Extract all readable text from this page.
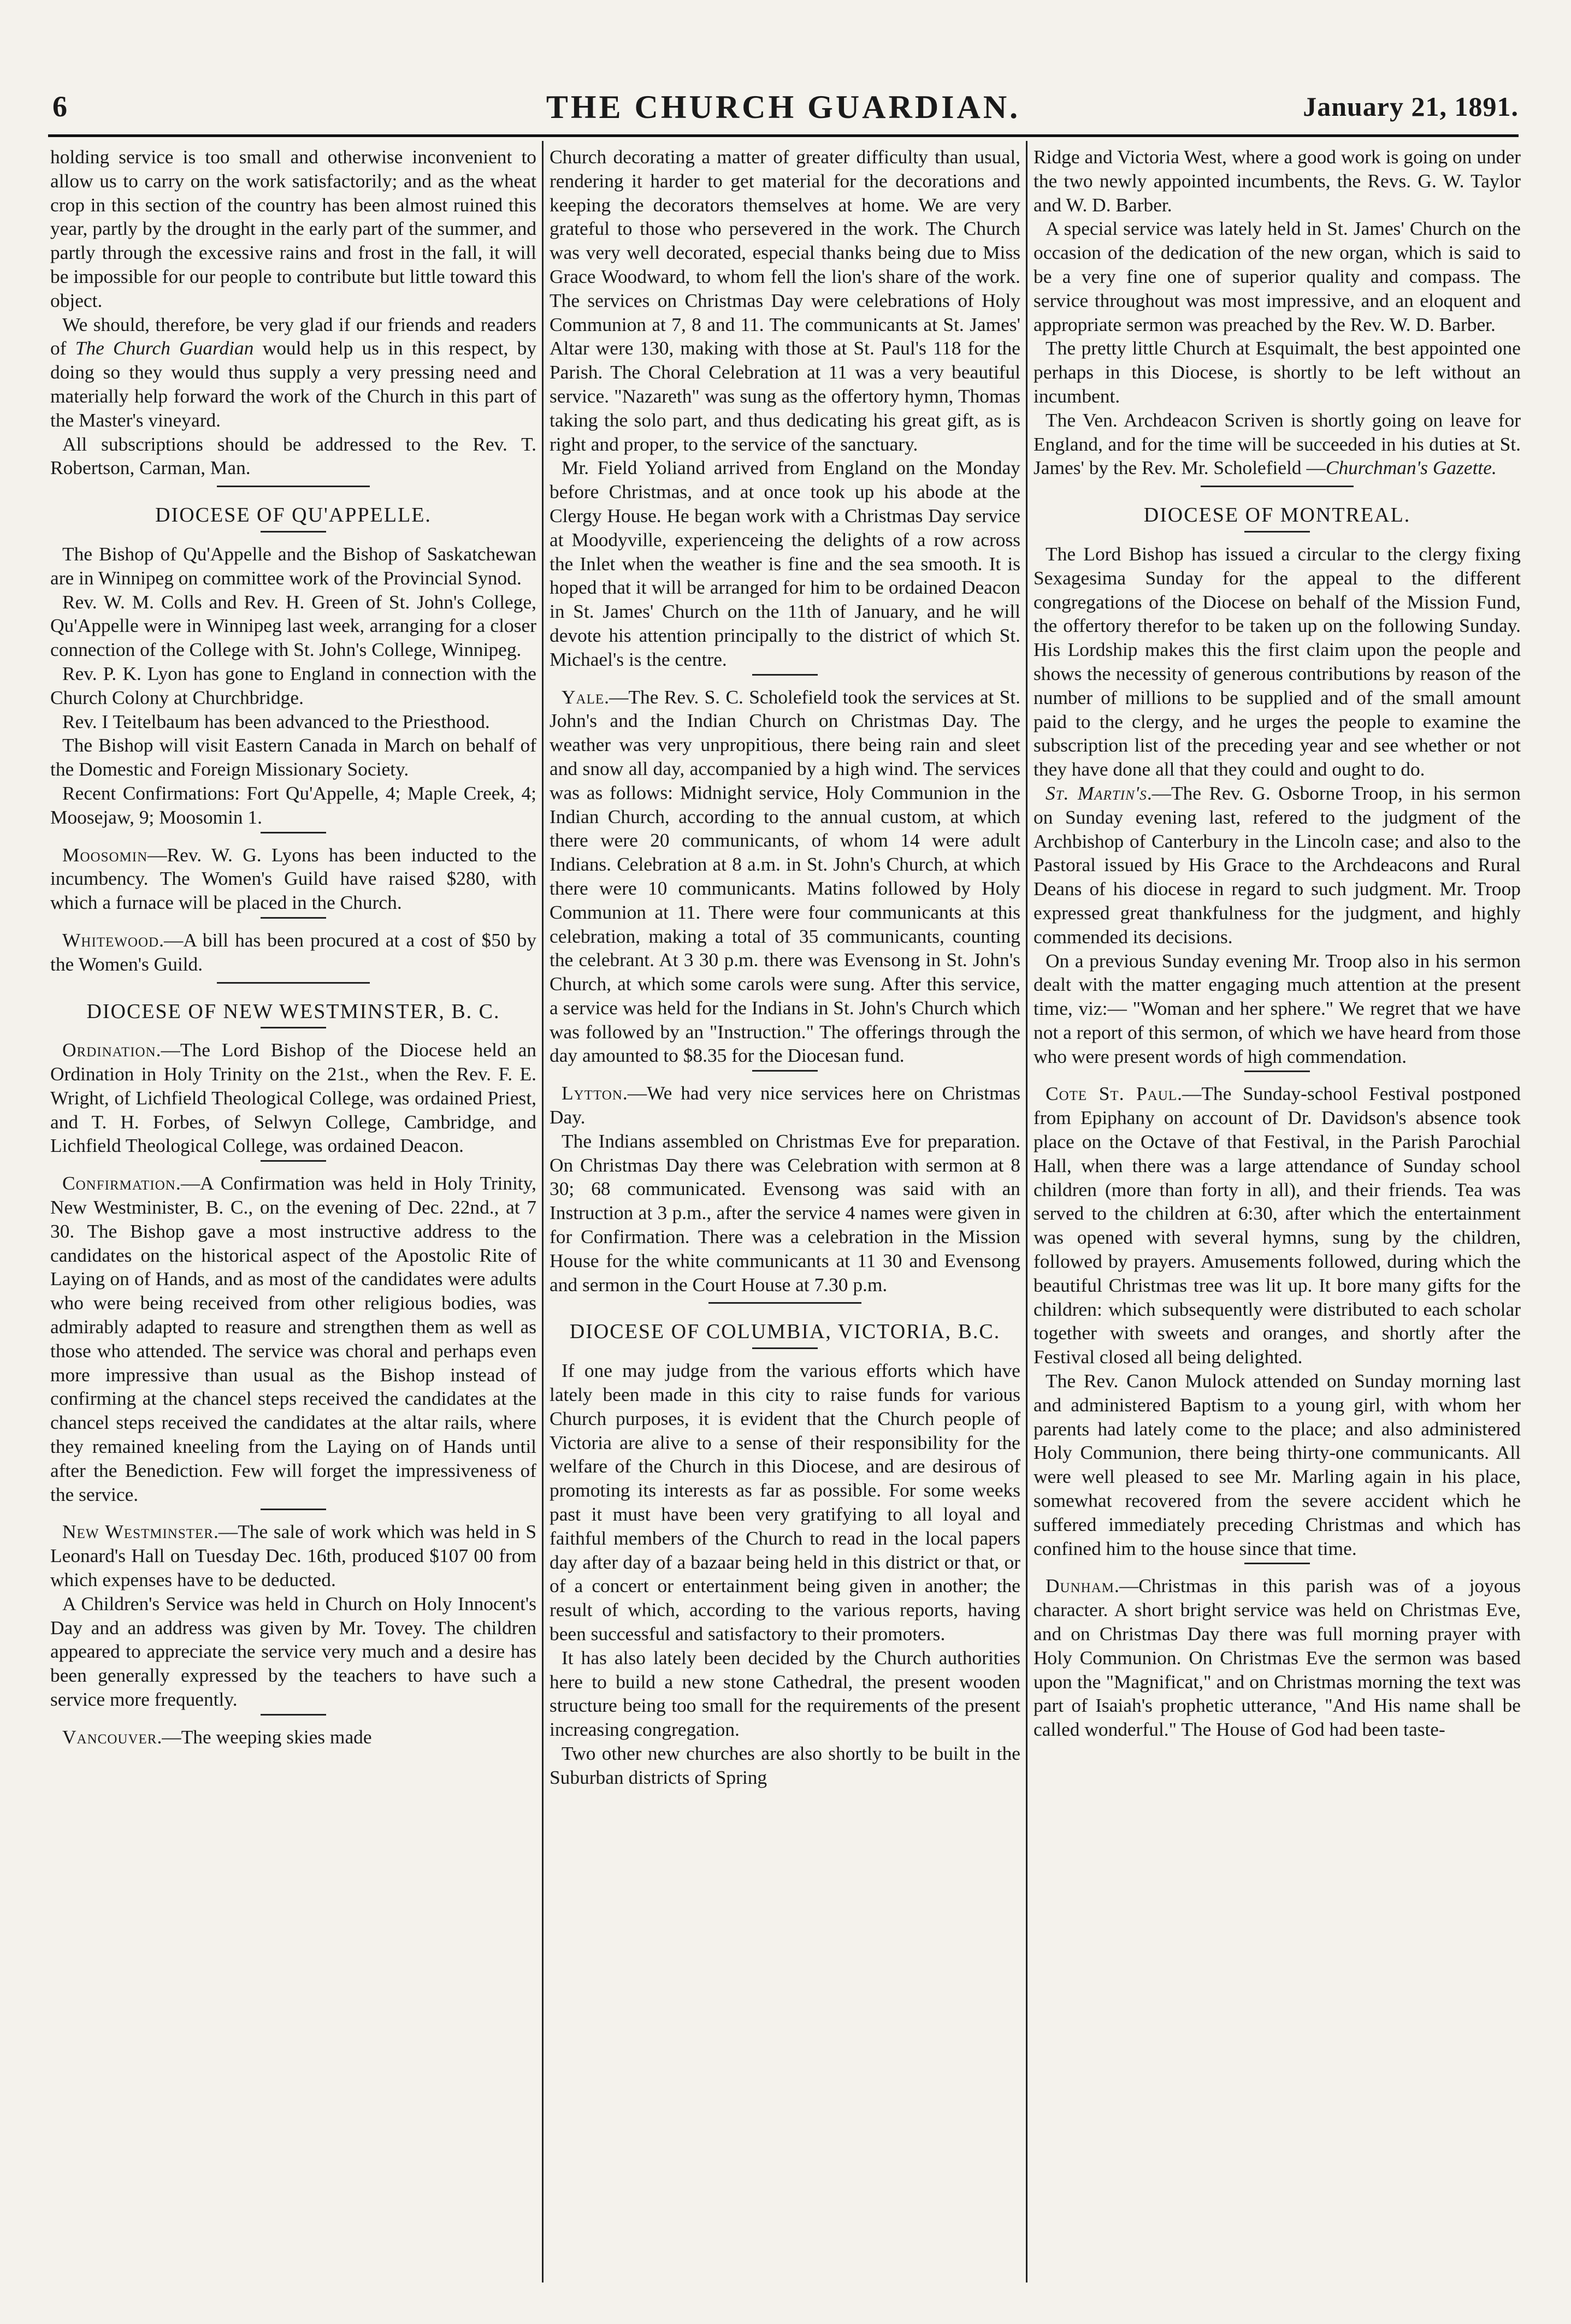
6	THE CHURCH GUARDIAN.	January 21, 1891.

holding service is too small and otherwise inconvenient to allow us to carry on the work satisfactorily; and as the wheat crop in this section of the country has been almost ruined this year, partly by the drought in the early part of the summer, and partly through the excessive rains and frost in the fall, it will be impossible for our people to contribute but little toward this object.

We should, therefore, be very glad if our friends and readers of The Church Guardian would help us in this respect, by doing so they would thus supply a very pressing need and materially help forward the work of the Church in this part of the Master's vineyard.

All subscriptions should be addressed to the Rev. T. Robertson, Carman, Man.

DIOCESE OF QU'APPELLE.

The Bishop of Qu'Appelle and the Bishop of Saskatchewan are in Winnipeg on committee work of the Provincial Synod.

Rev. W. M. Colls and Rev. H. Green of St. John's College, Qu'Appelle were in Winnipeg last week, arranging for a closer connection of the College with St. John's College, Winnipeg.

Rev. P. K. Lyon has gone to England in connection with the Church Colony at Churchbridge.

Rev. I Teitelbaum has been advanced to the Priesthood.

The Bishop will visit Eastern Canada in March on behalf of the Domestic and Foreign Missionary Society.

Recent Confirmations: Fort Qu'Appelle, 4; Maple Creek, 4; Moosejaw, 9; Moosomin 1.

Moosomin—Rev. W. G. Lyons has been inducted to the incumbency. The Women's Guild have raised $280, with which a furnace will be placed in the Church.

Whitewood.—A bill has been procured at a cost of $50 by the Women's Guild.

DIOCESE OF NEW WESTMINSTER, B. C.

Ordination.—The Lord Bishop of the Diocese held an Ordination in Holy Trinity on the 21st., when the Rev. F. E. Wright, of Lichfield Theological College, was ordained Priest, and T. H. Forbes, of Selwyn College, Cambridge, and Lichfield Theological College, was ordained Deacon.

Confirmation.—A Confirmation was held in Holy Trinity, New Westminister, B. C., on the evening of Dec. 22nd., at 7 30. The Bishop gave a most instructive address to the candidates on the historical aspect of the Apostolic Rite of Laying on of Hands, and as most of the candidates were adults who were being received from other religious bodies, was admirably adapted to reasure and strengthen them as well as those who attended. The service was choral and perhaps even more impressive than usual as the Bishop instead of confirming at the chancel steps received the candidates at the chancel steps received the candidates at the altar rails, where they remained kneeling from the Laying on of Hands until after the Benediction. Few will forget the impressiveness of the service.

New Westminster.—The sale of work which was held in S Leonard's Hall on Tuesday Dec. 16th, produced $107 00 from which expenses have to be deducted.

A Children's Service was held in Church on Holy Innocent's Day and an address was given by Mr. Tovey. The children appeared to appreciate the service very much and a desire has been generally expressed by the teachers to have such a service more frequently.

Vancouver.—The weeping skies made

Church decorating a matter of greater difficulty than usual, rendering it harder to get material for the decorations and keeping the decorators themselves at home. We are very grateful to those who persevered in the work. The Church was very well decorated, especial thanks being due to Miss Grace Woodward, to whom fell the lion's share of the work. The services on Christmas Day were celebrations of Holy Communion at 7, 8 and 11. The communicants at St. James' Altar were 130, making with those at St. Paul's 118 for the Parish. The Choral Celebration at 11 was a very beautiful service. "Nazareth" was sung as the offertory hymn, Thomas taking the solo part, and thus dedicating his great gift, as is right and proper, to the service of the sanctuary.

Mr. Field Yoliand arrived from England on the Monday before Christmas, and at once took up his abode at the Clergy House. He began work with a Christmas Day service at Moodyville, experienceing the delights of a row across the Inlet when the weather is fine and the sea smooth. It is hoped that it will be arranged for him to be ordained Deacon in St. James' Church on the 11th of January, and he will devote his attention principally to the district of which St. Michael's is the centre.

Yale.—The Rev. S. C. Scholefield took the services at St. John's and the Indian Church on Christmas Day. The weather was very unpropitious, there being rain and sleet and snow all day, accompanied by a high wind. The services was as follows: Midnight service, Holy Communion in the Indian Church, according to the annual custom, at which there were 20 communicants, of whom 14 were adult Indians. Celebration at 8 a.m. in St. John's Church, at which there were 10 communicants. Matins followed by Holy Communion at 11. There were four communicants at this celebration, making a total of 35 communicants, counting the celebrant. At 3 30 p.m. there was Evensong in St. John's Church, at which some carols were sung. After this service, a service was held for the Indians in St. John's Church which was followed by an "Instruction." The offerings through the day amounted to $8.35 for the Diocesan fund.

Lytton.—We had very nice services here on Christmas Day.

The Indians assembled on Christmas Eve for preparation. On Christmas Day there was Celebration with sermon at 8 30; 68 communicated. Evensong was said with an Instruction at 3 p.m., after the service 4 names were given in for Confirmation. There was a celebration in the Mission House for the white communicants at 11 30 and Evensong and sermon in the Court House at 7.30 p.m.

DIOCESE OF COLUMBIA, VICTORIA, B.C.

If one may judge from the various efforts which have lately been made in this city to raise funds for various Church purposes, it is evident that the Church people of Victoria are alive to a sense of their responsibility for the welfare of the Church in this Diocese, and are desirous of promoting its interests as far as possible. For some weeks past it must have been very gratifying to all loyal and faithful members of the Church to read in the local papers day after day of a bazaar being held in this district or that, or of a concert or entertainment being given in another; the result of which, according to the various reports, having been successful and satisfactory to their promoters.

It has also lately been decided by the Church authorities here to build a new stone Cathedral, the present wooden structure being too small for the requirements of the present increasing congregation.

Two other new churches are also shortly to be built in the Suburban districts of Spring

Ridge and Victoria West, where a good work is going on under the two newly appointed incumbents, the Revs. G. W. Taylor and W. D. Barber.

A special service was lately held in St. James' Church on the occasion of the dedication of the new organ, which is said to be a very fine one of superior quality and compass. The service throughout was most impressive, and an eloquent and appropriate sermon was preached by the Rev. W. D. Barber.

The pretty little Church at Esquimalt, the best appointed one perhaps in this Diocese, is shortly to be left without an incumbent.

The Ven. Archdeacon Scriven is shortly going on leave for England, and for the time will be succeeded in his duties at St. James' by the Rev. Mr. Scholefield —Churchman's Gazette.

DIOCESE OF MONTREAL.

The Lord Bishop has issued a circular to the clergy fixing Sexagesima Sunday for the appeal to the different congregations of the Diocese on behalf of the Mission Fund, the offertory therefor to be taken up on the following Sunday. His Lordship makes this the first claim upon the people and shows the necessity of generous contributions by reason of the number of millions to be supplied and of the small amount paid to the clergy, and he urges the people to examine the subscription list of the preceding year and see whether or not they have done all that they could and ought to do.

St. Martin's.—The Rev. G. Osborne Troop, in his sermon on Sunday evening last, refered to the judgment of the Archbishop of Canterbury in the Lincoln case; and also to the Pastoral issued by His Grace to the Archdeacons and Rural Deans of his diocese in regard to such judgment. Mr. Troop expressed great thankfulness for the judgment, and highly commended its decisions.

On a previous Sunday evening Mr. Troop also in his sermon dealt with the matter engaging much attention at the present time, viz:— "Woman and her sphere." We regret that we have not a report of this sermon, of which we have heard from those who were present words of high commendation.

Cote St. Paul.—The Sunday-school Festival postponed from Epiphany on account of Dr. Davidson's absence took place on the Octave of that Festival, in the Parish Parochial Hall, when there was a large attendance of Sunday school children (more than forty in all), and their friends. Tea was served to the children at 6:30, after which the entertainment was opened with several hymns, sung by the children, followed by prayers. Amusements followed, during which the beautiful Christmas tree was lit up. It bore many gifts for the children: which subsequently were distributed to each scholar together with sweets and oranges, and shortly after the Festival closed all being delighted.

The Rev. Canon Mulock attended on Sunday morning last and administered Baptism to a young girl, with whom her parents had lately come to the place; and also administered Holy Communion, there being thirty-one communicants. All were well pleased to see Mr. Marling again in his place, somewhat recovered from the severe accident which he suffered immediately preceding Christmas and which has confined him to the house since that time.

Dunham.—Christmas in this parish was of a joyous character. A short bright service was held on Christmas Eve, and on Christmas Day there was full morning prayer with Holy Communion. On Christmas Eve the sermon was based upon the "Magnificat," and on Christmas morning the text was part of Isaiah's prophetic utterance, "And His name shall be called wonderful." The House of God had been taste-
